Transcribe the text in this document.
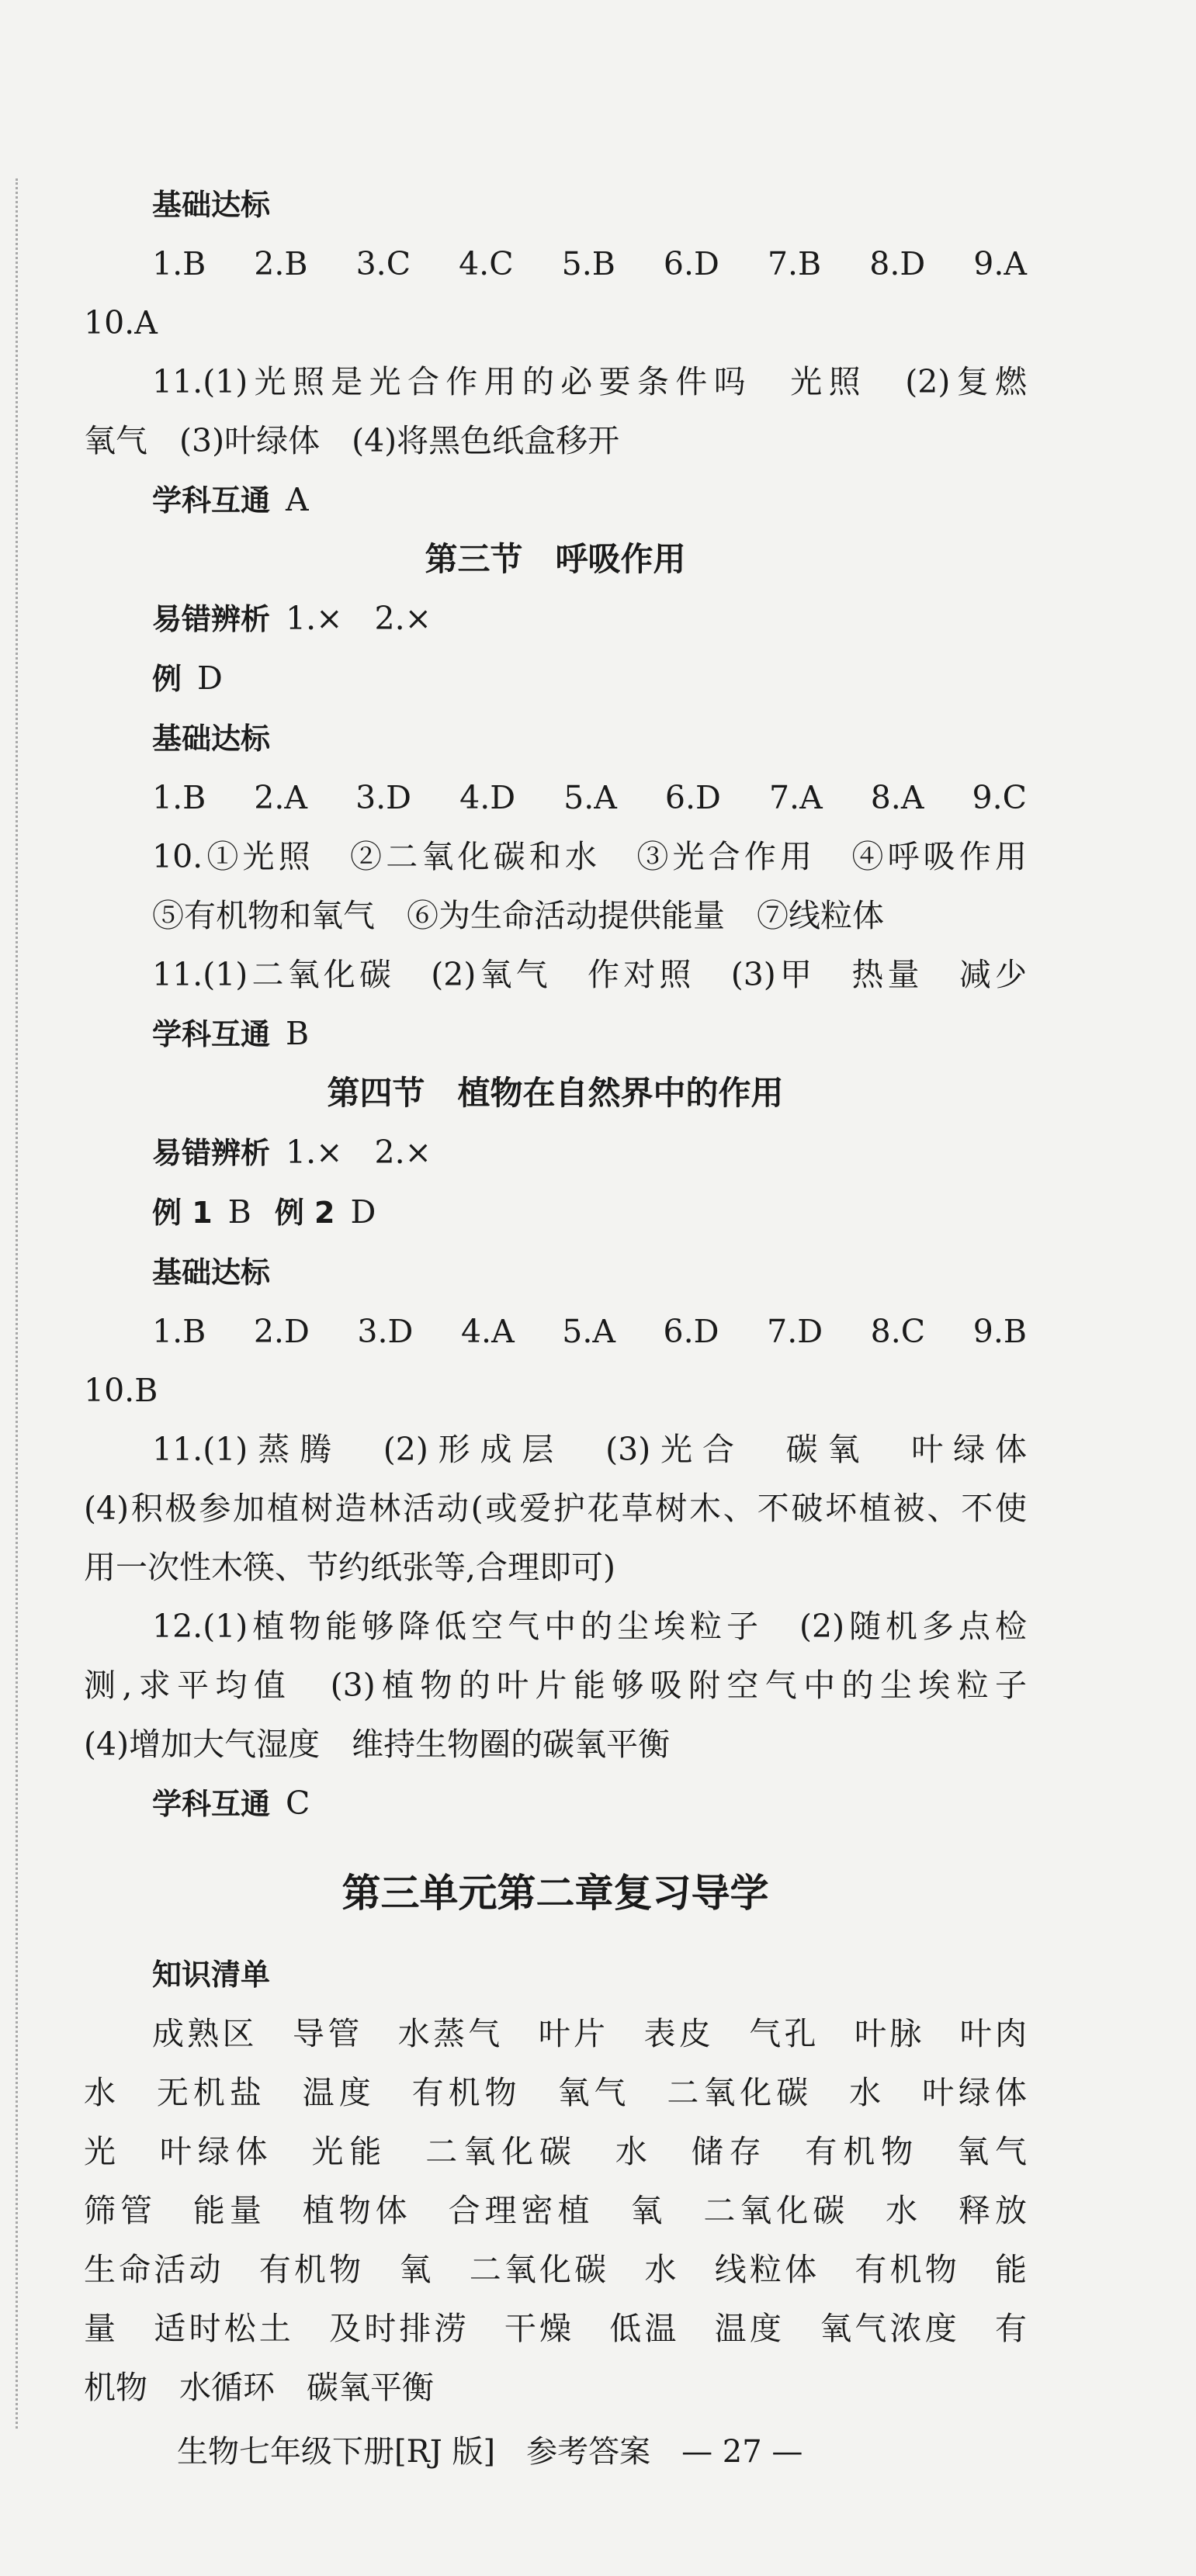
基础达标
1.B　2.B　3.C　4.C　5.B　6.D　7.B　8.D　9.A
10.A
11.(1)光照是光合作用的必要条件吗　光照　(2)复燃
氧气　(3)叶绿体　(4)将黑色纸盒移开
学科互通 A
第三节　呼吸作用
易错辨析 1.×　2.×
例 D
基础达标
1.B　2.A　3.D　4.D　5.A　6.D　7.A　8.A　9.C
10.①光照　②二氧化碳和水　③光合作用　④呼吸作用
⑤有机物和氧气　⑥为生命活动提供能量　⑦线粒体
11.(1)二氧化碳　(2)氧气　作对照　(3)甲　热量　减少
学科互通 B
第四节　植物在自然界中的作用
易错辨析 1.×　2.×
例 1 B 例 2 D
基础达标
1.B　2.D　3.D　4.A　5.A　6.D　7.D　8.C　9.B
10.B
11.(1)蒸腾　(2)形成层　(3)光合　碳氧　叶绿体
(4)积极参加植树造林活动(或爱护花草树木、不破坏植被、不使
用一次性木筷、节约纸张等,合理即可)
12.(1)植物能够降低空气中的尘埃粒子　(2)随机多点检
测,求平均值　(3)植物的叶片能够吸附空气中的尘埃粒子
(4)增加大气湿度　维持生物圈的碳氧平衡
学科互通 C
第三单元第二章复习导学
知识清单
成熟区　导管　水蒸气　叶片　表皮　气孔　叶脉　叶肉
水　无机盐　温度　有机物　氧气　二氧化碳　水　叶绿体
光　叶绿体　光能　二氧化碳　水　储存　有机物　氧气
筛管　能量　植物体　合理密植　氧　二氧化碳　水　释放
生命活动　有机物　氧　二氧化碳　水　线粒体　有机物　能
量　适时松土　及时排涝　干燥　低温　温度　氧气浓度　有
机物　水循环　碳氧平衡
生物七年级下册[RJ 版]　参考答案　— 27 —
